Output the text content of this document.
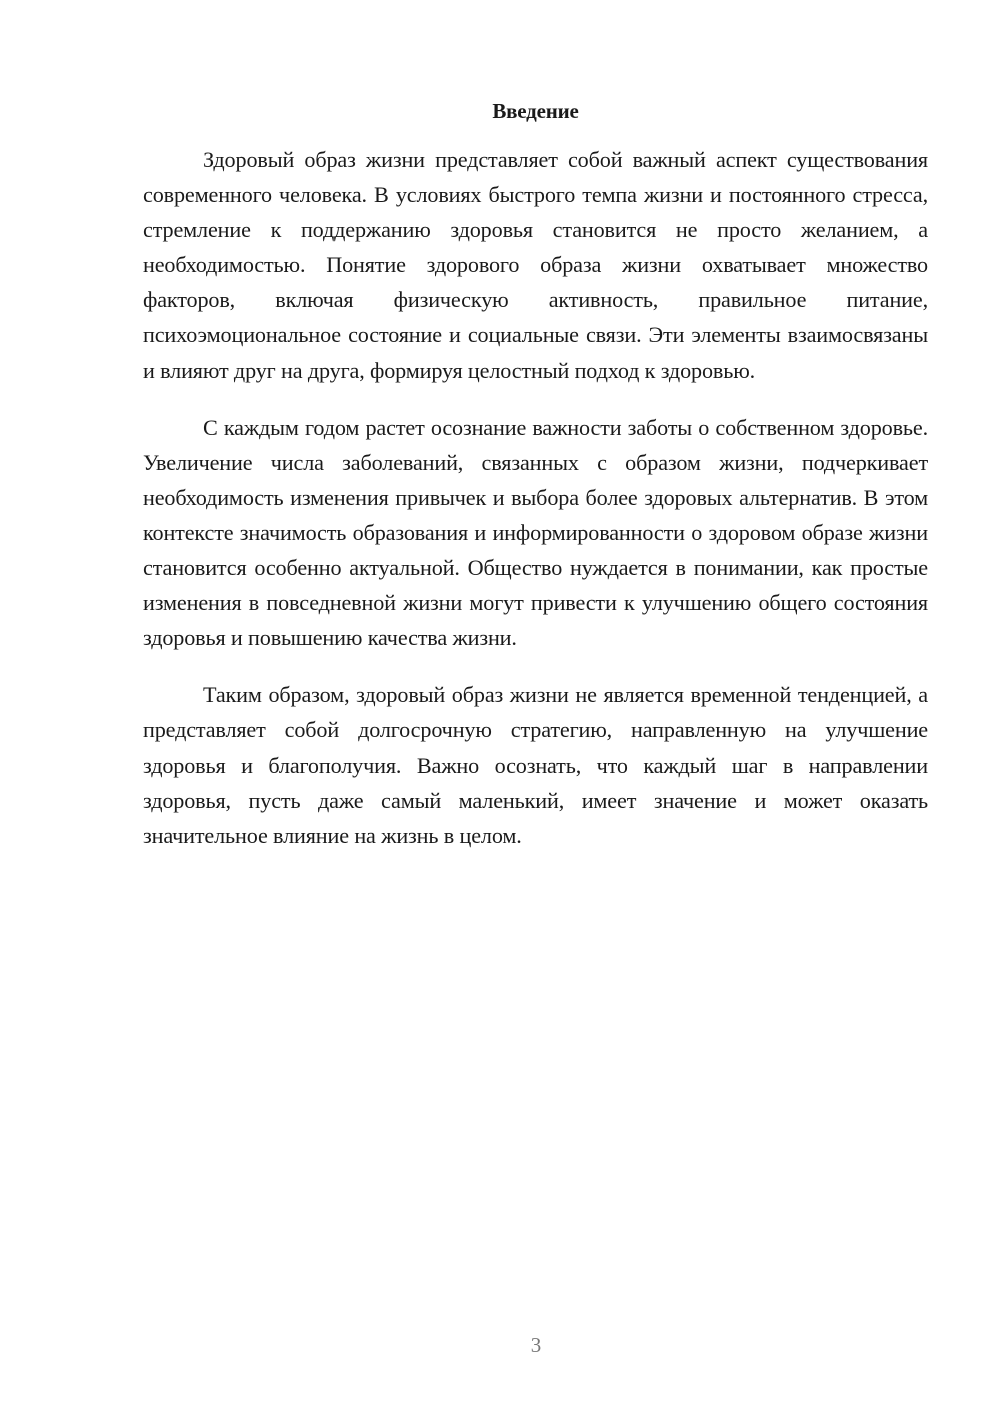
Введение

Здоровый образ жизни представляет собой важный аспект существования современного человека. В условиях быстрого темпа жизни и постоянного стресса, стремление к поддержанию здоровья становится не просто желанием, а необходимостью. Понятие здорового образа жизни охватывает множество факторов, включая физическую активность, правильное питание, психоэмоциональное состояние и социальные связи. Эти элементы взаимосвязаны и влияют друг на друга, формируя целостный подход к здоровью.

С каждым годом растет осознание важности заботы о собственном здоровье. Увеличение числа заболеваний, связанных с образом жизни, подчеркивает необходимость изменения привычек и выбора более здоровых альтернатив. В этом контексте значимость образования и информированности о здоровом образе жизни становится особенно актуальной. Общество нуждается в понимании, как простые изменения в повседневной жизни могут привести к улучшению общего состояния здоровья и повышению качества жизни.

Таким образом, здоровый образ жизни не является временной тенденцией, а представляет собой долгосрочную стратегию, направленную на улучшение здоровья и благополучия. Важно осознать, что каждый шаг в направлении здоровья, пусть даже самый маленький, имеет значение и может оказать значительное влияние на жизнь в целом.

3
